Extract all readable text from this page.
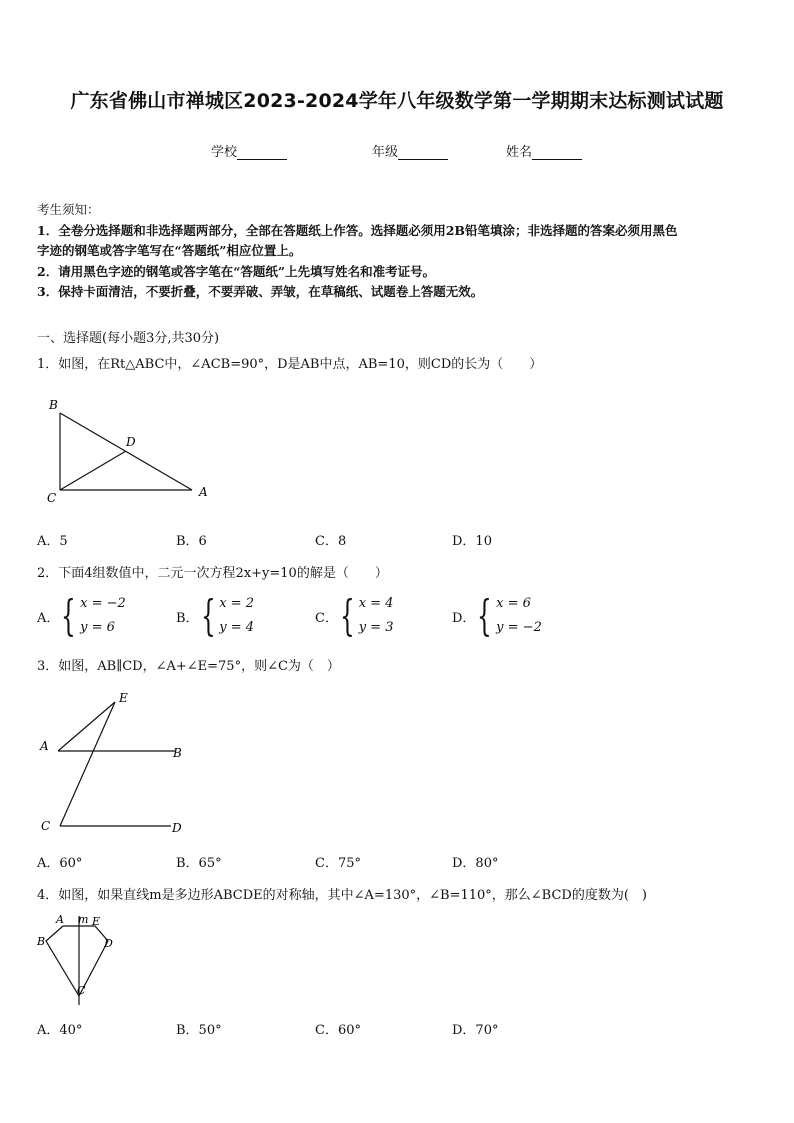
广东省佛山市禅城区2023-2024学年八年级数学第一学期期末达标测试试题
学校	年级	姓名
考生须知：
1．全卷分选择题和非选择题两部分，全部在答题纸上作答。选择题必须用2B铅笔填涂；非选择题的答案必须用黑色
字迹的钢笔或答字笔写在“答题纸”相应位置上。
2．请用黑色字迹的钢笔或答字笔在“答题纸”上先填写姓名和准考证号。
3．保持卡面清洁，不要折叠，不要弄破、弄皱，在草稿纸、试题卷上答题无效。
一、选择题(每小题3分,共30分)
1．如图，在Rt△ABC中，∠ACB=90°，D是AB中点，AB=10，则CD的长为（　　）
B
D
C	A
A．5	B．6	C．8	D．10
2．下面4组数值中，二元一次方程2x+y=10的解是（　　）
A． { x = −2
y = 6
B． { x = 2
y = 4
C． { x = 4
y = 3
D． { x = 6
y = −2
3．如图，AB∥CD，∠A+∠E=75°，则∠C为（　）
E
A	B
C	D
A．60°	B．65°	C．75°	D．80°
4．如图，如果直线m是多边形ABCDE的对称轴，其中∠A=130°，∠B=110°，那么∠BCD的度数为(　)
A m E
B	D
C
A．40°	B．50°	C．60°	D．70°
